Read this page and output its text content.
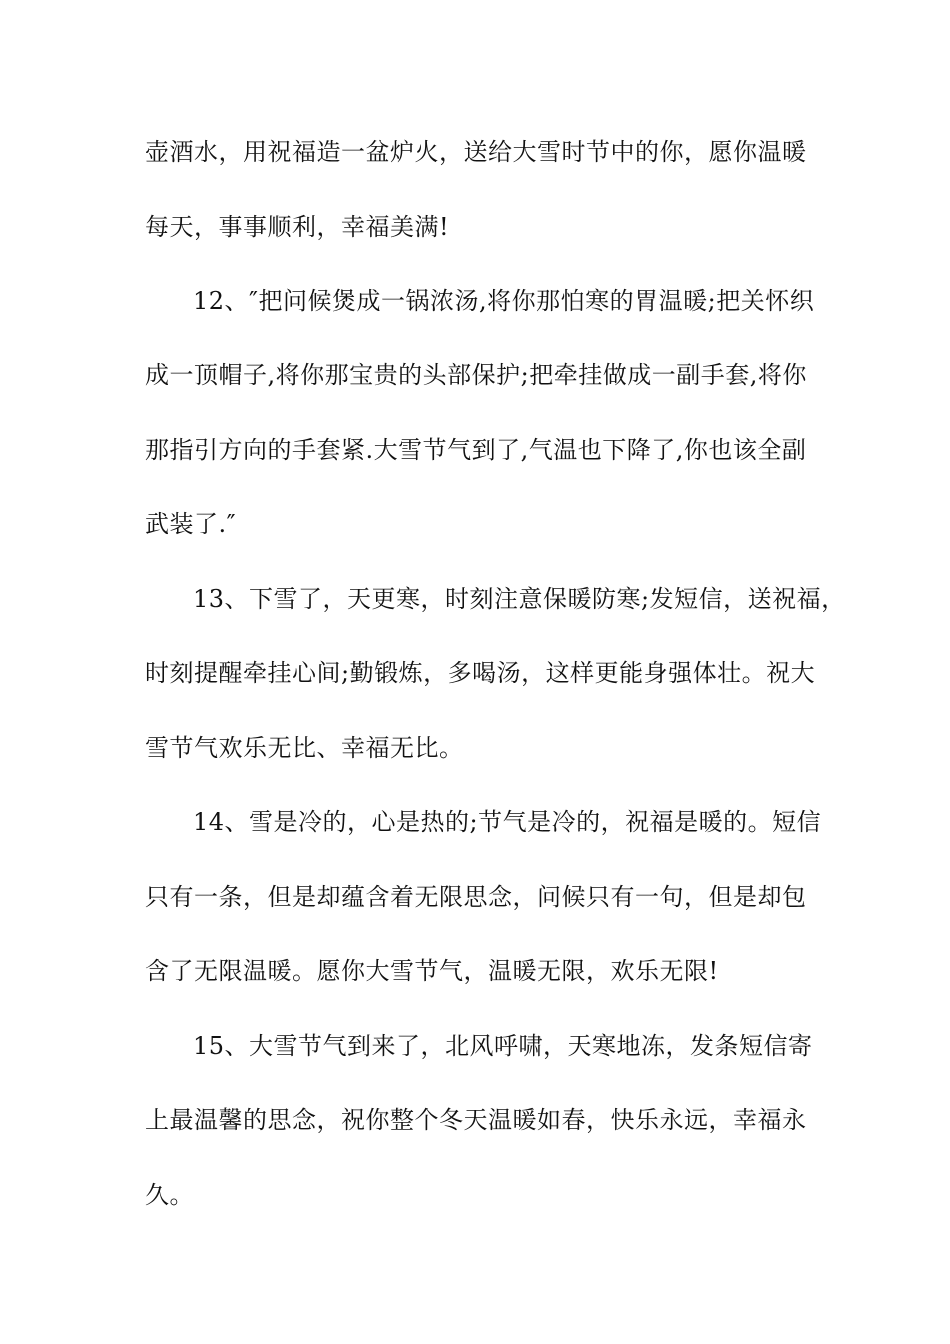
壶酒水，用祝福造一盆炉火，送给大雪时节中的你，愿你温暖
每天，事事顺利，幸福美满!
12、″把问候煲成一锅浓汤,将你那怕寒的胃温暖;把关怀织
成一顶帽子,将你那宝贵的头部保护;把牵挂做成一副手套,将你
那指引方向的手套紧.大雪节气到了,气温也下降了,你也该全副
武装了.″
13、下雪了，天更寒，时刻注意保暖防寒;发短信，送祝福，
时刻提醒牵挂心间;勤锻炼，多喝汤，这样更能身强体壮。祝大
雪节气欢乐无比、幸福无比。
14、雪是冷的，心是热的;节气是冷的，祝福是暖的。短信
只有一条，但是却蕴含着无限思念，问候只有一句，但是却包
含了无限温暖。愿你大雪节气，温暖无限，欢乐无限!
15、大雪节气到来了，北风呼啸，天寒地冻，发条短信寄
上最温馨的思念，祝你整个冬天温暖如春，快乐永远，幸福永
久。
